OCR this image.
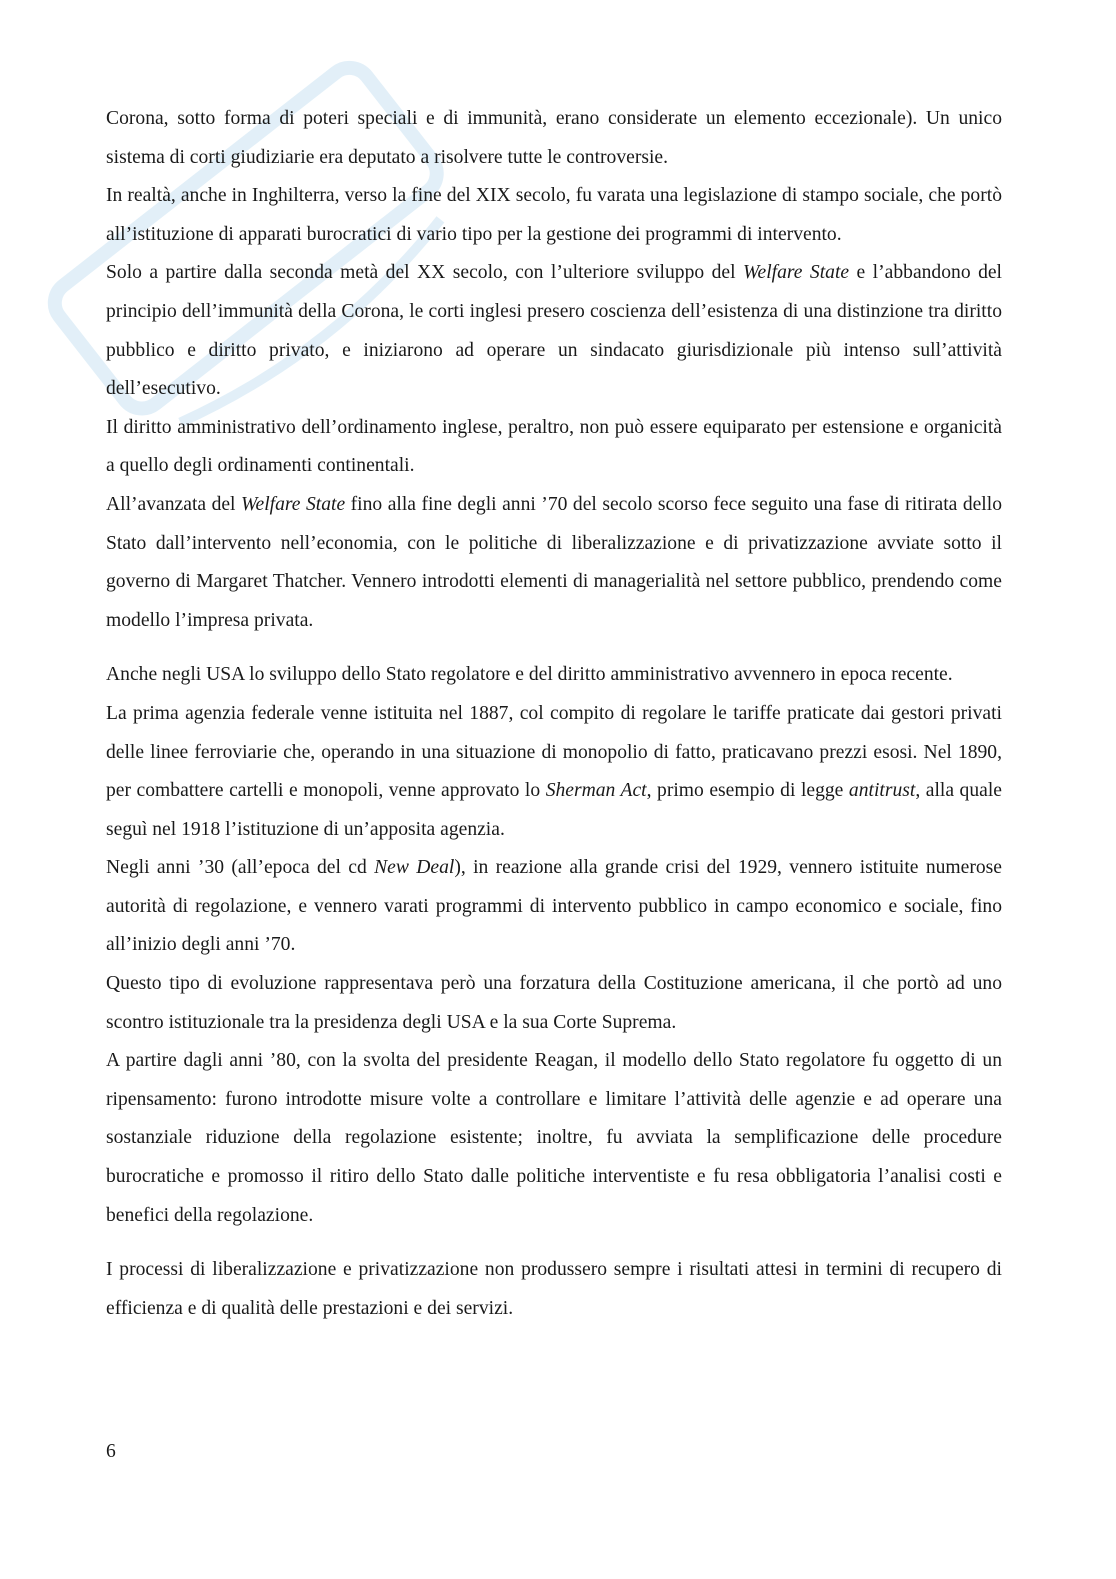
Corona, sotto forma di poteri speciali e di immunità, erano considerate un elemento eccezionale). Un unico sistema di corti giudiziarie era deputato a risolvere tutte le controversie.

In realtà, anche in Inghilterra, verso la fine del XIX secolo, fu varata una legislazione di stampo sociale, che portò all’istituzione di apparati burocratici di vario tipo per la gestione dei programmi di intervento.

Solo a partire dalla seconda metà del XX secolo, con l’ulteriore sviluppo del Welfare State e l’abbandono del principio dell’immunità della Corona, le corti inglesi presero coscienza dell’esistenza di una distinzione tra diritto pubblico e diritto privato, e iniziarono ad operare un sindacato giurisdizionale più intenso sull’attività dell’esecutivo.

Il diritto amministrativo dell’ordinamento inglese, peraltro, non può essere equiparato per estensione e organicità a quello degli ordinamenti continentali.

All’avanzata del Welfare State fino alla fine degli anni ’70 del secolo scorso fece seguito una fase di ritirata dello Stato dall’intervento nell’economia, con le politiche di liberalizzazione e di privatizzazione avviate sotto il governo di Margaret Thatcher. Vennero introdotti elementi di managerialità nel settore pubblico, prendendo come modello l’impresa privata.

Anche negli USA lo sviluppo dello Stato regolatore e del diritto amministrativo avvennero in epoca recente.

La prima agenzia federale venne istituita nel 1887, col compito di regolare le tariffe praticate dai gestori privati delle linee ferroviarie che, operando in una situazione di monopolio di fatto, praticavano prezzi esosi. Nel 1890, per combattere cartelli e monopoli, venne approvato lo Sherman Act, primo esempio di legge antitrust, alla quale seguì nel 1918 l’istituzione di un’apposita agenzia.

Negli anni ’30 (all’epoca del cd New Deal), in reazione alla grande crisi del 1929, vennero istituite numerose autorità di regolazione, e vennero varati programmi di intervento pubblico in campo economico e sociale, fino all’inizio degli anni ’70.

Questo tipo di evoluzione rappresentava però una forzatura della Costituzione americana, il che portò ad uno scontro istituzionale tra la presidenza degli USA e la sua Corte Suprema.

A partire dagli anni ’80, con la svolta del presidente Reagan, il modello dello Stato regolatore fu oggetto di un ripensamento: furono introdotte misure volte a controllare e limitare l’attività delle agenzie e ad operare una sostanziale riduzione della regolazione esistente; inoltre, fu avviata la semplificazione delle procedure burocratiche e promosso il ritiro dello Stato dalle politiche interventiste e fu resa obbligatoria l’analisi costi e benefici della regolazione.

I processi di liberalizzazione e privatizzazione non produssero sempre i risultati attesi in termini di recupero di efficienza e di qualità delle prestazioni e dei servizi.

6
